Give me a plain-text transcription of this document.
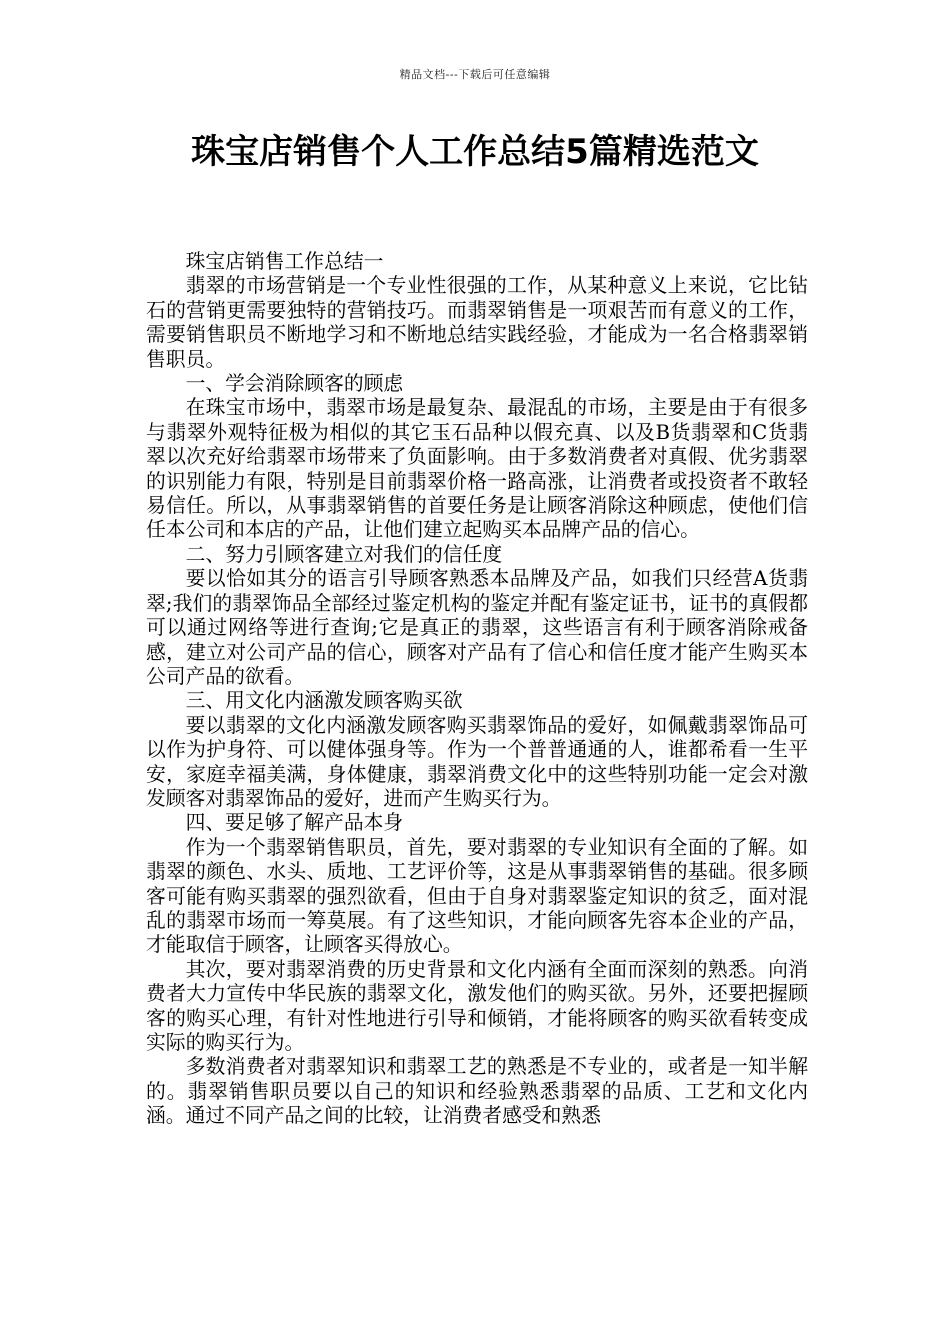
精品文档---下载后可任意编辑
珠宝店销售个人工作总结5篇精选范文

珠宝店销售工作总结一

翡翠的市场营销是一个专业性很强的工作，从某种意义上来说，它比钻石的营销更需要独特的营销技巧。而翡翠销售是一项艰苦而有意义的工作，需要销售职员不断地学习和不断地总结实践经验，才能成为一名合格翡翠销售职员。

一、学会消除顾客的顾虑

在珠宝市场中，翡翠市场是最复杂、最混乱的市场，主要是由于有很多与翡翠外观特征极为相似的其它玉石品种以假充真、以及B货翡翠和C货翡翠以次充好给翡翠市场带来了负面影响。由于多数消费者对真假、优劣翡翠的识别能力有限，特别是目前翡翠价格一路高涨，让消费者或投资者不敢轻易信任。所以，从事翡翠销售的首要任务是让顾客消除这种顾虑，使他们信任本公司和本店的产品，让他们建立起购买本品牌产品的信心。

二、努力引顾客建立对我们的信任度

要以恰如其分的语言引导顾客熟悉本品牌及产品，如我们只经营A货翡翠;我们的翡翠饰品全部经过鉴定机构的鉴定并配有鉴定证书，证书的真假都可以通过网络等进行查询;它是真正的翡翠，这些语言有利于顾客消除戒备感，建立对公司产品的信心，顾客对产品有了信心和信任度才能产生购买本公司产品的欲看。

三、用文化内涵激发顾客购买欲

要以翡翠的文化内涵激发顾客购买翡翠饰品的爱好，如佩戴翡翠饰品可以作为护身符、可以健体强身等。作为一个普普通通的人，谁都希看一生平安，家庭幸福美满，身体健康，翡翠消费文化中的这些特别功能一定会对激发顾客对翡翠饰品的爱好，进而产生购买行为。

四、要足够了解产品本身

作为一个翡翠销售职员，首先，要对翡翠的专业知识有全面的了解。如翡翠的颜色、水头、质地、工艺评价等，这是从事翡翠销售的基础。很多顾客可能有购买翡翠的强烈欲看，但由于自身对翡翠鉴定知识的贫乏，面对混乱的翡翠市场而一筹莫展。有了这些知识，才能向顾客先容本企业的产品，才能取信于顾客，让顾客买得放心。

其次，要对翡翠消费的历史背景和文化内涵有全面而深刻的熟悉。向消费者大力宣传中华民族的翡翠文化，激发他们的购买欲。另外，还要把握顾客的购买心理，有针对性地进行引导和倾销，才能将顾客的购买欲看转变成实际的购买行为。

多数消费者对翡翠知识和翡翠工艺的熟悉是不专业的，或者是一知半解的。翡翠销售职员要以自己的知识和经验熟悉翡翠的品质、工艺和文化内涵。通过不同产品之间的比较，让消费者感受和熟悉
